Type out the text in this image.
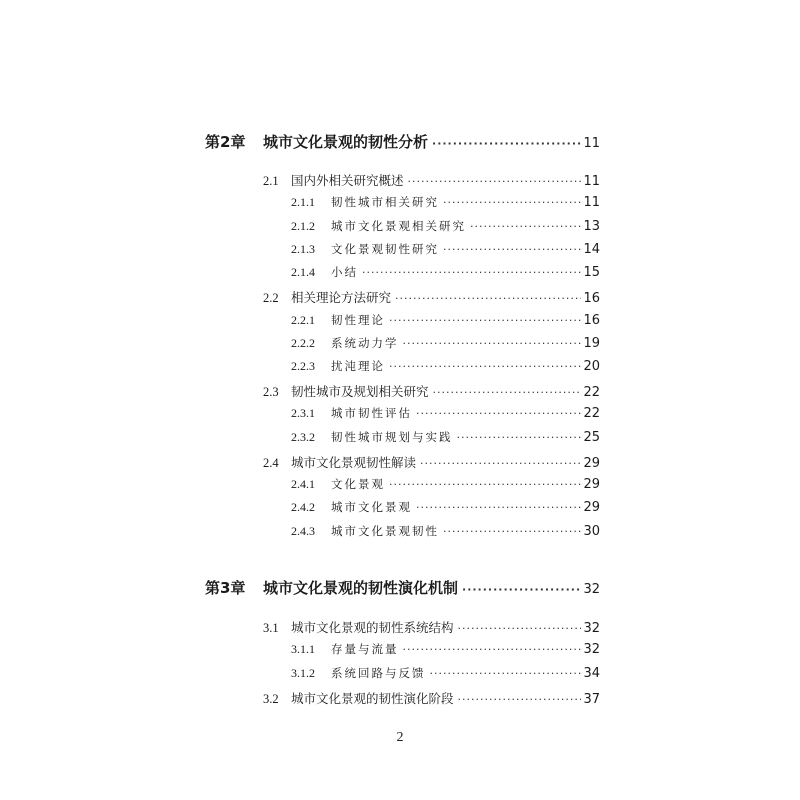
第2章	城市文化景观的韧性分析 ·····	11
2.1 国内外相关研究概述 ·····	11
2.1.1	韧性城市相关研究 ·····	11
2.1.2	城市文化景观相关研究 ·····	13
2.1.3	文化景观韧性研究 ·····	14
2.1.4	小结 ·····	15
2.2 相关理论方法研究 ·····	16
2.2.1	韧性理论 ·····	16
2.2.2	系统动力学 ·····	19
2.2.3	扰沌理论 ·····	20
2.3 韧性城市及规划相关研究 ·····	22
2.3.1	城市韧性评估 ·····	22
2.3.2	韧性城市规划与实践 ·····	25
2.4 城市文化景观韧性解读 ·····	29
2.4.1	文化景观 ·····	29
2.4.2	城市文化景观 ·····	29
2.4.3	城市文化景观韧性 ·····	30
第3章	城市文化景观的韧性演化机制 ·····	32
3.1 城市文化景观的韧性系统结构 ·····	32
3.1.1	存量与流量 ·····	32
3.1.2	系统回路与反馈 ·····	34
3.2 城市文化景观的韧性演化阶段 ·····	37
2
